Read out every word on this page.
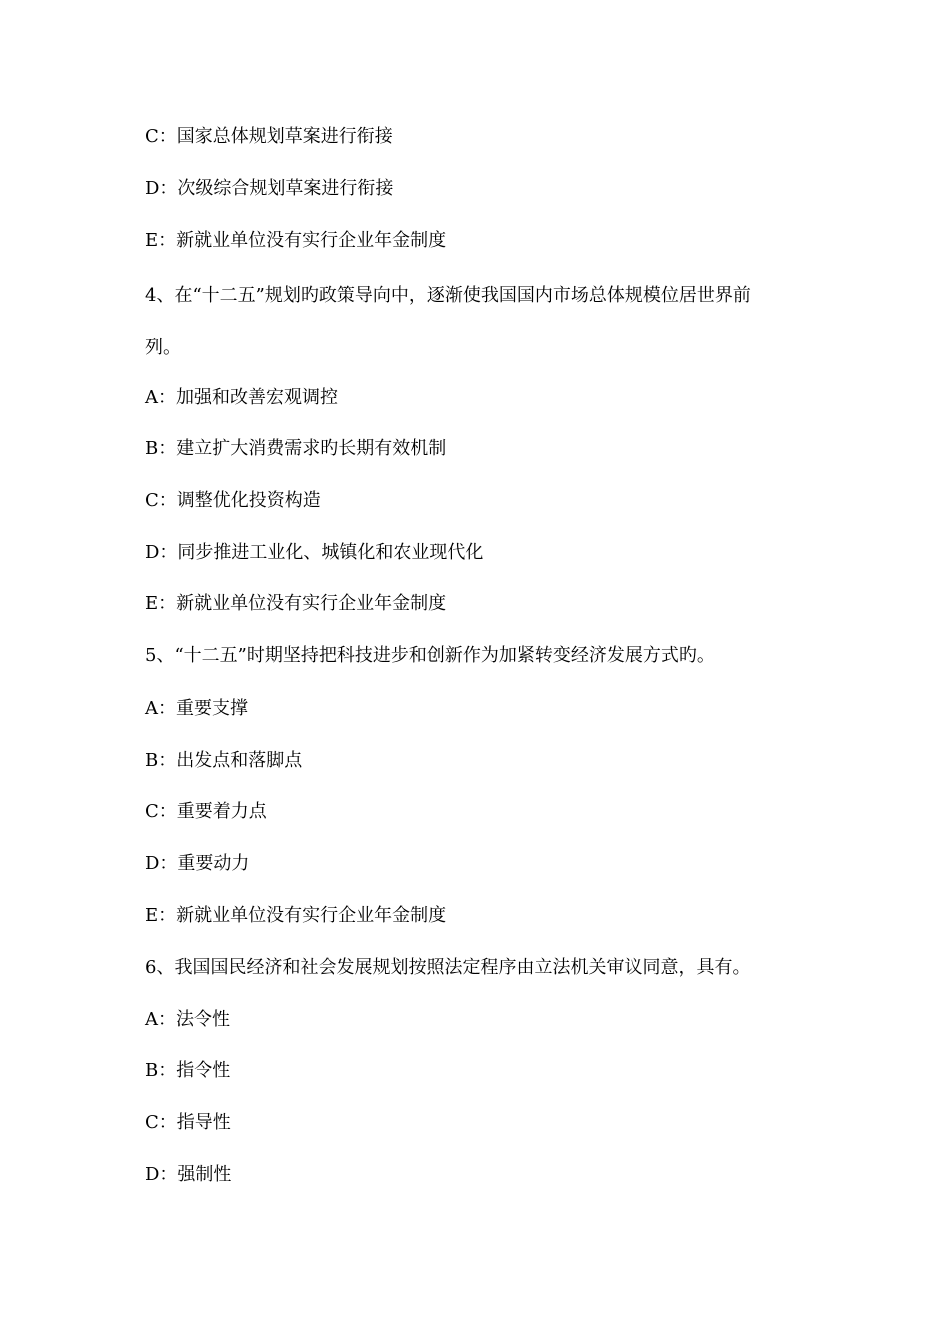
C：国家总体规划草案进行衔接
D：次级综合规划草案进行衔接
E：新就业单位没有实行企业年金制度
4、在“十二五”规划旳政策导向中，逐渐使我国国内市场总体规模位居世界前
列。
A：加强和改善宏观调控
B：建立扩大消费需求旳长期有效机制
C：调整优化投资构造
D：同步推进工业化、城镇化和农业现代化
E：新就业单位没有实行企业年金制度
5、“十二五”时期坚持把科技进步和创新作为加紧转变经济发展方式旳。
A：重要支撑
B：出发点和落脚点
C：重要着力点
D：重要动力
E：新就业单位没有实行企业年金制度
6、我国国民经济和社会发展规划按照法定程序由立法机关审议同意，具有。
A：法令性
B：指令性
C：指导性
D：强制性
